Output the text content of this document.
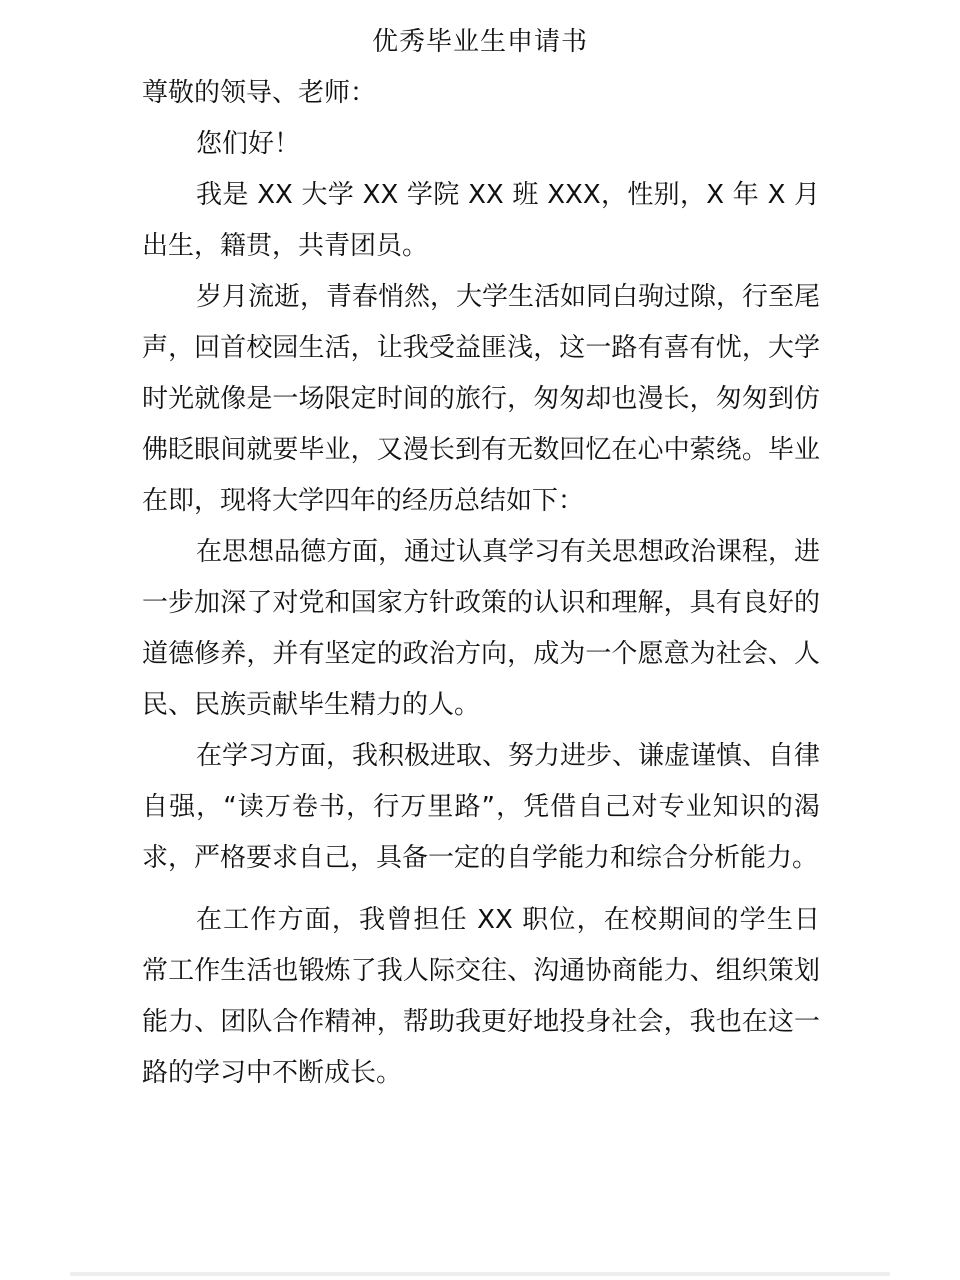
优秀毕业生申请书

尊敬的领导、老师：

您们好！

我是 XX 大学 XX 学院 XX 班 XXX，性别，X 年 X 月出生，籍贯，共青团员。

岁月流逝，青春悄然，大学生活如同白驹过隙，行至尾声，回首校园生活，让我受益匪浅，这一路有喜有忧，大学时光就像是一场限定时间的旅行，匆匆却也漫长，匆匆到仿佛眨眼间就要毕业，又漫长到有无数回忆在心中萦绕。毕业在即，现将大学四年的经历总结如下：

在思想品德方面，通过认真学习有关思想政治课程，进一步加深了对党和国家方针政策的认识和理解，具有良好的道德修养，并有坚定的政治方向，成为一个愿意为社会、人民、民族贡献毕生精力的人。

在学习方面，我积极进取、努力进步、谦虚谨慎、自律自强，“读万卷书，行万里路”，凭借自己对专业知识的渴求，严格要求自己，具备一定的自学能力和综合分析能力。

在工作方面，我曾担任 XX 职位，在校期间的学生日常工作生活也锻炼了我人际交往、沟通协商能力、组织策划能力、团队合作精神，帮助我更好地投身社会，我也在这一路的学习中不断成长。
